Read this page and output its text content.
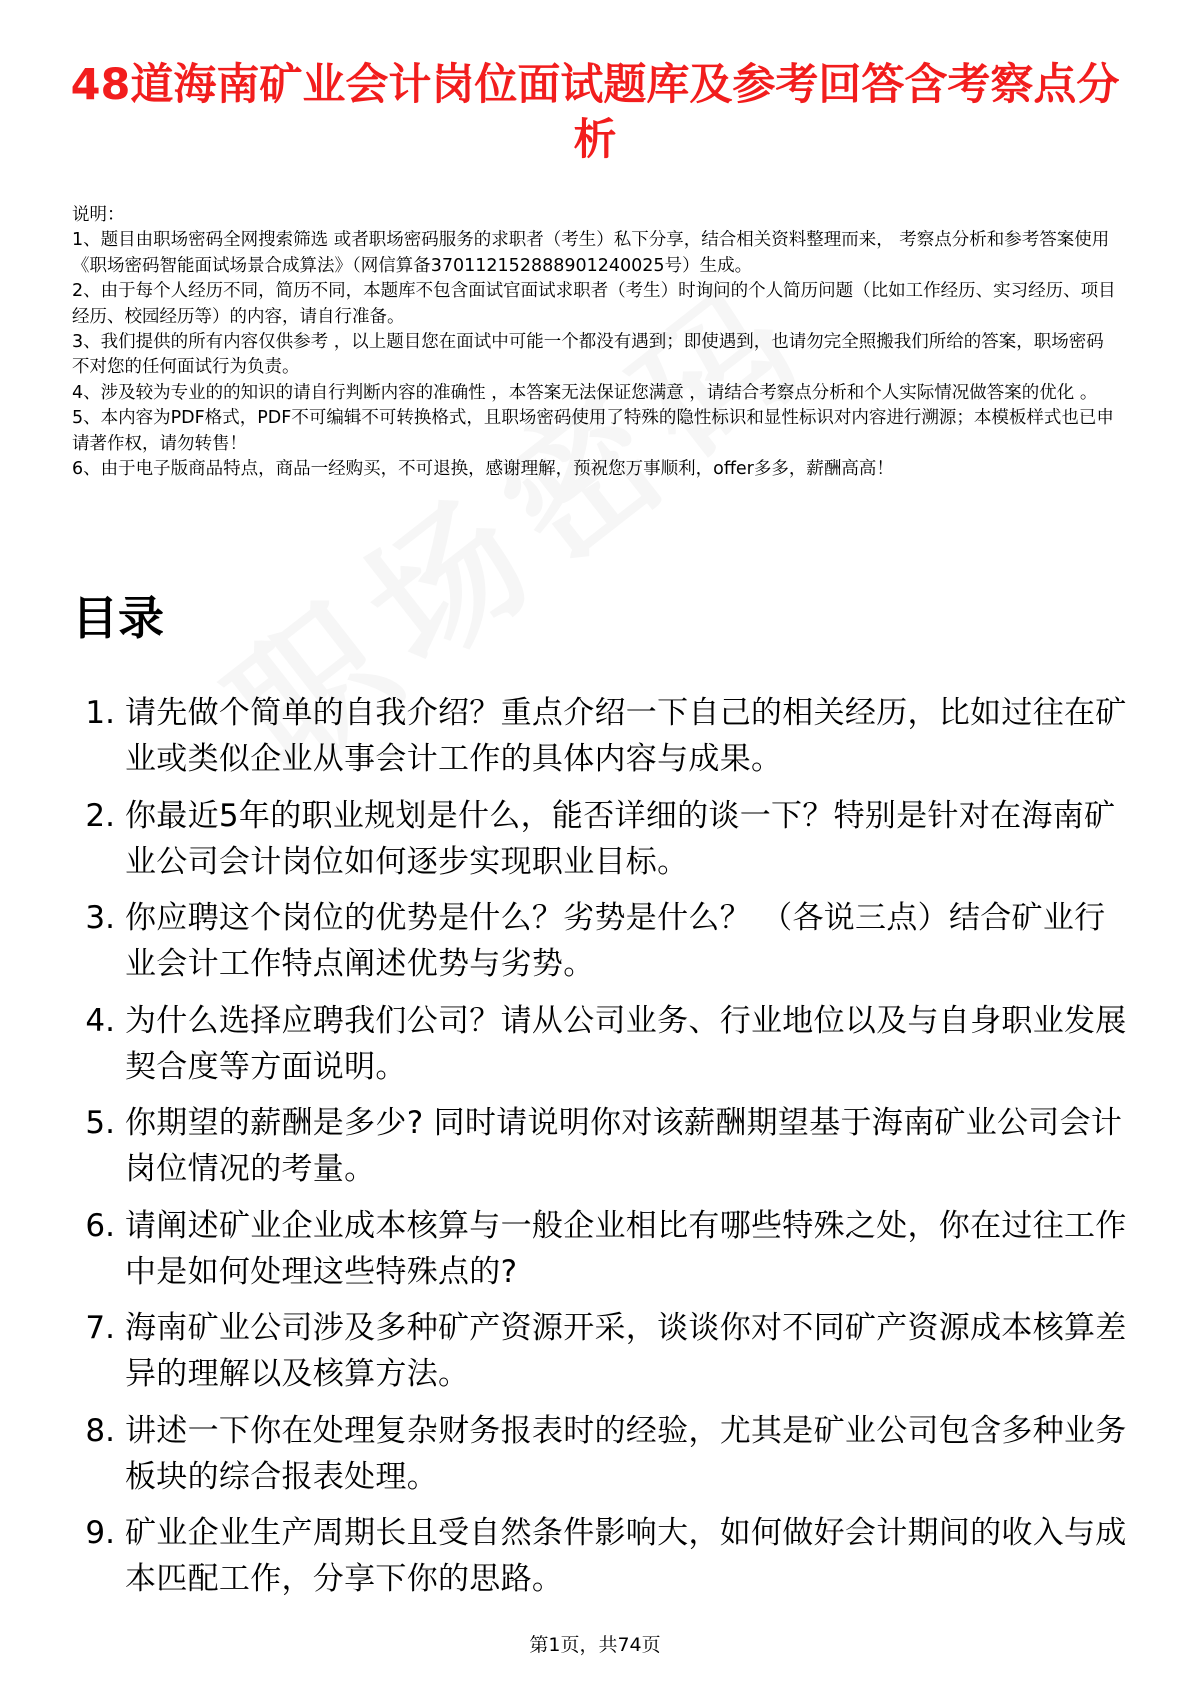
48道海南矿业会计岗位面试题库及参考回答含考察点分析

说明：

1、题目由职场密码全网搜索筛选 或者职场密码服务的求职者（考生）私下分享，结合相关资料整理而来， 考察点分析和参考答案使用《职场密码智能面试场景合成算法》（网信算备370112152888901240025号）生成。

2、由于每个人经历不同，简历不同，本题库不包含面试官面试求职者（考生）时询问的个人简历问题（比如工作经历、实习经历、项目经历、校园经历等）的内容，请自行准备。

3、我们提供的所有内容仅供参考 ，以上题目您在面试中可能一个都没有遇到；即使遇到，也请勿完全照搬我们所给的答案，职场密码不对您的任何面试行为负责。

4、涉及较为专业的的知识的请自行判断内容的准确性 ，本答案无法保证您满意 ，请结合考察点分析和个人实际情况做答案的优化 。

5、本内容为PDF格式，PDF不可编辑不可转换格式，且职场密码使用了特殊的隐性标识和显性标识对内容进行溯源；本模板样式也已申请著作权，请勿转售！

6、由于电子版商品特点，商品一经购买，不可退换，感谢理解，预祝您万事顺利，offer多多，薪酬高高！

目录
1. 请先做个简单的自我介绍？重点介绍一下自己的相关经历，比如过往在矿业或类似企业从事会计工作的具体内容与成果。
2. 你最近5年的职业规划是什么，能否详细的谈一下？特别是针对在海南矿业公司会计岗位如何逐步实现职业目标。
3. 你应聘这个岗位的优势是什么？劣势是什么？ （各说三点）结合矿业行业会计工作特点阐述优势与劣势。
4. 为什么选择应聘我们公司？请从公司业务、行业地位以及与自身职业发展契合度等方面说明。
5. 你期望的薪酬是多少? 同时请说明你对该薪酬期望基于海南矿业公司会计岗位情况的考量。
6. 请阐述矿业企业成本核算与一般企业相比有哪些特殊之处，你在过往工作中是如何处理这些特殊点的?
7. 海南矿业公司涉及多种矿产资源开采，谈谈你对不同矿产资源成本核算差异的理解以及核算方法。
8. 讲述一下你在处理复杂财务报表时的经验，尤其是矿业公司包含多种业务板块的综合报表处理。
9. 矿业企业生产周期长且受自然条件影响大，如何做好会计期间的收入与成本匹配工作，分享下你的思路。
第1页，共74页
